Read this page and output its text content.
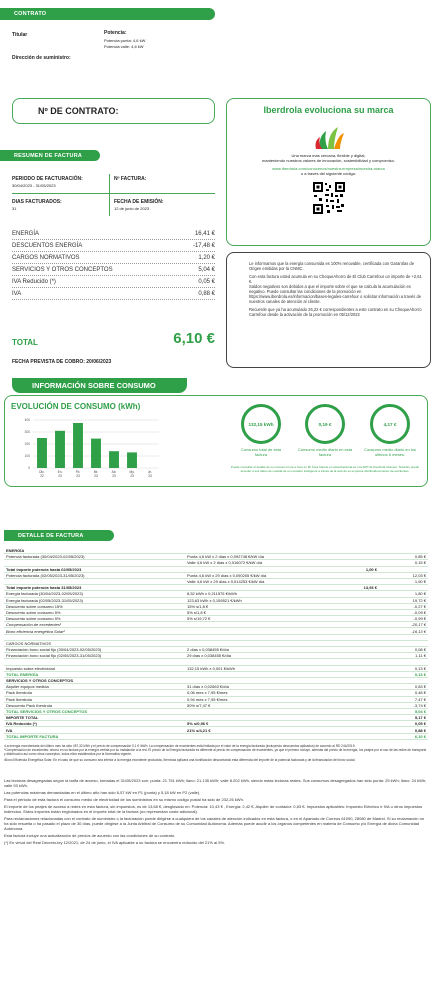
CONTRATO
Titular	Potencia:
Potencia punta: 4,6 kW
Potencia valle: 4,6 kW
Dirección de suministro:
Nº DE CONTRATO:	Iberdrola evoluciona su marca
Una marca más cercana, flexible y digital,
manteniendo nuestros valores de innovación, sostenibilidad y compromiso.
www.iberdrola.com/conocenos/nuestra-empresa/nuestra-marca
o a través del siguiente código:
RESUMEN DE FACTURA
PERIODO DE FACTURACIÓN:
30/04/2023 - 31/05/2023
Nº FACTURA:
DIAS FACTURADOS:
31
FECHA DE EMISIÓN:
12 de junio de 2023
ENERGÍA	16,41 €
DESCUENTOS ENERGÍA	-17,48 €
CARGOS NORMATIVOS	1,20 €
SERVICIOS Y OTROS CONCEPTOS	5,04 €
IVA Reducido (*)	0,05 €
IVA	0,88 €
TOTAL	6,10 €
FECHA PREVISTA DE COBRO: 20/06/2023
Le informamos que la energía consumida es 100% renovable, certificada con Garantías de Origen emitidas por la CNMC.
Con esta factura usted acumula en su ChequeAhorro de El Club Carrefour un importe de +2,61 €.
Saldos negativos son debidos a que el importe sobre el que se calcula la acumulación es negativo. Puede consultar las condiciones de la promoción en https://www.iberdrola.es/informacion/bases-legales-carrefour o solicitar información a través de nuestros canales de atención al cliente.
Recuerde que ya ha acumulado 26,22 € correspondientes a este contrato en su ChequeAhorro Carrefour desde la activación de la promoción en 05/12/2022
INFORMACIÓN SOBRE CONSUMO
EVOLUCIÓN DE CONSUMO (kWh)
400
300
200
100
0
Dic.
22
En.
23
Fb.
23
Mr.
23
Ab.
23
My.
23
Jn.
23
132,15 kWh
Consumo total de esta factura
0,19 €
Consumo medio diario en esta factura
4,17 €
Consumo medio diario en los últimos 6 meses.
Puede consultar el detalle de su consumo hora a hora en Mi Área Cliente en www.iberdrola.es o la APP de Iberdrola Clientes. También puede acceder a sus datos de medida de su contador inteligente a través de la web de su empresa distribuidora www.i-de.es/clientes.
DETALLE DE FACTURA
ENERGÍA
Potencia facturada (30/04/2023-02/05/2023)	Punta 4,6 kW x 2 días x 0,092748 €/kW día	0,85 €
Valle 4,6 kW x 2 días x 0,016072 €/kW día	0,15 €
Total importe potencia hasta 02/05/2023	1,00 €
Potencia facturada (02/05/2023-31/05/2023)	Punta 4,6 kW x 29 días x 0,090205 €/kW día	12,03 €
Valle 4,6 kW x 29 días x 0,014253 €/kW día	1,90 €
Total importe potencia hasta 31/05/2023	13,93 €
Energía facturada (30/04/2023-02/05/2023)	8,52 kWh x 0,211575 €/kWh	1,80 €
Energía facturada (02/05/2023-31/05/2023)	123,63 kWh x 0,159521 €/kWh	19,72 €
Descuento sobre consumo 15%	15% s/1,8 €	-0,27 €
Descuento sobre consumo 5%	5% s/1,8 €	-0,09 €
Descuento sobre consumo 5%	5% s/19,72 €	-0,99 €
Compensación de excedentes¹	-20,17 €
Bono eficiencia energética Solar²	-16,13 €
CARGOS NORMATIVOS
Financiación bono social fijo (30/04/2023-02/05/2023)	2 días x 0,038455 €/día	0,08 €
Financiación bono social fijo (02/05/2023-31/05/2023)	29 días x 0,038455 €/día	1,11 €
Impuesto sobre electricidad	132,15 kWh x 0,001 €/kWh	0,13 €
TOTAL ENERGÍA	0,13 €
SERVICIOS Y OTROS CONCEPTOS
Alquiler equipos medida	31 días x 0,02663 €/día	0,83 €
Pack Iberdrola	0,06 mes x 7,95 €/mes	0,48 €
Pack Iberdrola	0,94 mes x 7,95 €/mes	7,47 €
Descuento Pack Iberdrola	50% s/7,47 €	-3,74 €
TOTAL SERVICIOS Y OTROS CONCEPTOS	5,04 €
IMPORTE TOTAL	5,17 €
IVA Reducido (*)	5% s/0,96 €	0,05 €
IVA	21% s/4,21 €	0,88 €
TOTAL IMPORTE FACTURA	6,10 €
¹La energía excedentaria del último mes ha sido 457,32 kWh y el precio de compensación 0,1 € /kWh. La compensación de excedentes está limitada por el valor de la energía facturada (incluyendo descuentos aplicados) de acuerdo al RD 244/2019.
*Compensación de excedentes: ahorro en su factura por la energía vertida por su instalación a la red. El precio de la Energía facturada es diferente al precio de compensación de excedentes, ya que el primero incluye, además del precio de la energía, los peajes por el uso de las redes de transporte y distribución así como otros conceptos, todos ellos establecidos por la Normativa vigente.
²Bono Eficiencia Energética Solar: En el caso de que su consumo sea inferior a la energía excedente producida, Iberdrola aplicará una bonificación descontando esta diferencia del importe de la potencia facturada y de la financiación del bono social.

Las lecturas desagregadas según la tarifa de acceso, tomadas el 31/05/2023 son: punta: 21.751 kWh; llano: 21.135 kWh; valle 8.202 kWh, siendo estas lecturas reales. Sus consumos desagregados han sido punta: 25 kWh; llano: 24 kWh; valle 93 kWh.

Las potencias máximas demandadas en el último año han sido 6,57 kW en P1 (punta) y 5,18 kW en P2 (valle).

Para el periodo de esta factura el consumo medio de electricidad de los suministros en su mismo código postal ha sido de 232,26 kWh.

El importe de los peajes de acceso a redes en esta factura, sin impuestos, es de 13,68 €, desglosado en: Potencia: 10,43 € , Energía: 2,42 €, Alquiler de contador: 0,83 €. Impuestos aplicables: Impuesto Eléctrico e IVA u otros impuestos indirectos. Estos importes están englobados en el importe total de la factura (no representan coste adicional).

Para reclamaciones relacionadas con el contrato de suministro o la facturación puede dirigirse a cualquiera de los canales de atención indicados en esta factura, o en el Apartado de Correos 61090, 28080 de Madrid. Si su reclamación no ha sido resuelta o ha pasado el plazo de 30 días, puede dirigirse a la Junta Arbitral de Consumo de su Comunidad Autónoma. Además puede acudir a los órganos competentes en materia de Consumo y/o Energía de dicha Comunidad Autónoma.

Esta factura incluye una actualización de precios de acuerdo con las condiciones de su contrato.

(*) En virtud del Real Decreto-ley 12/2021, de 24 de junio, el IVA aplicable a su factura se encuentra reducido del 21% al 5%.
